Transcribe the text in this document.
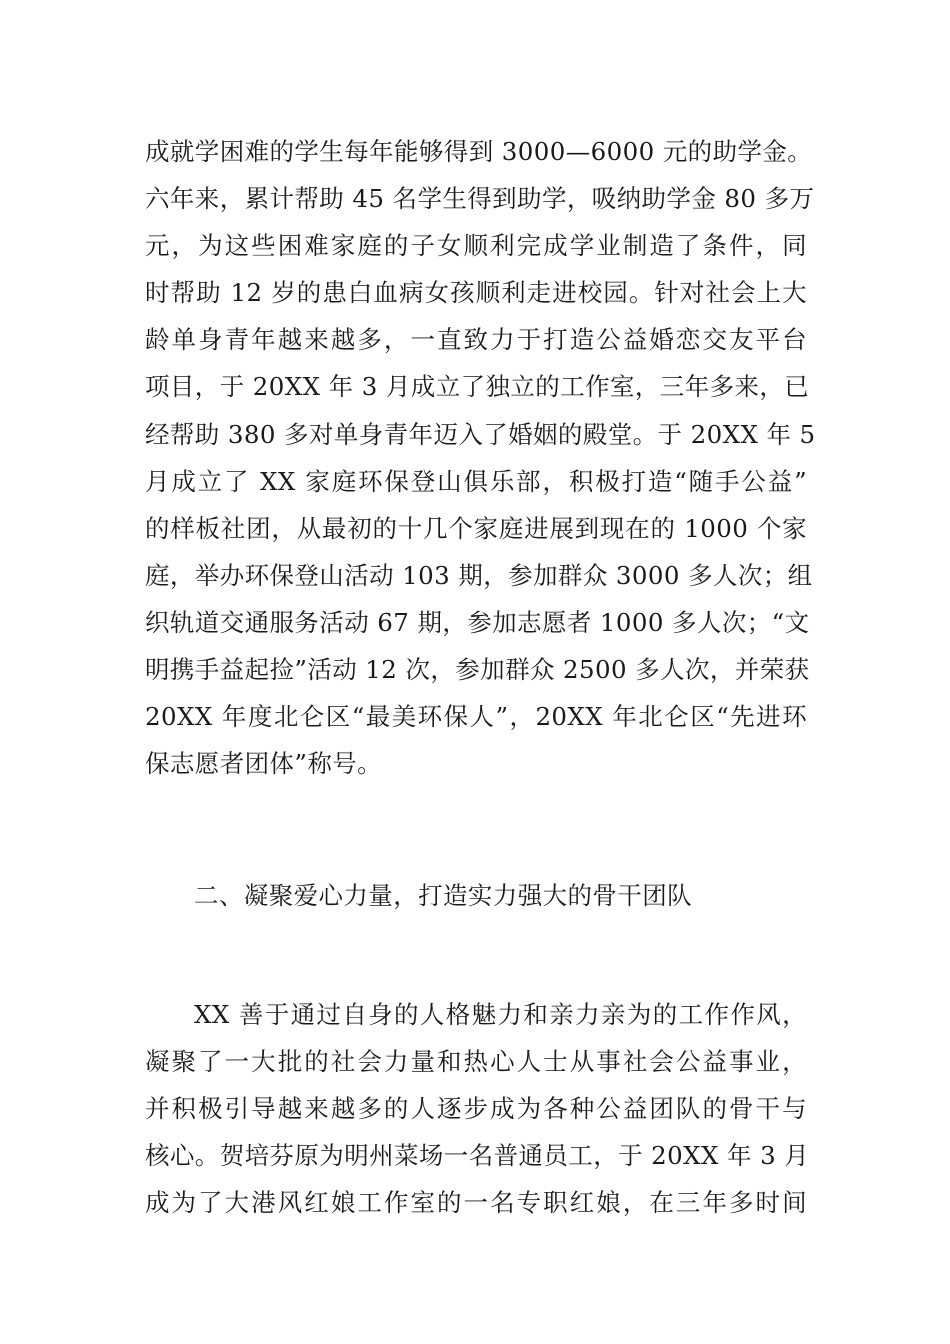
成就学困难的学生每年能够得到 3000—6000 元的助学金。
六年来，累计帮助 45 名学生得到助学，吸纳助学金 80 多万
元，为这些困难家庭的子女顺利完成学业制造了条件，同
时帮助 12 岁的患白血病女孩顺利走进校园。针对社会上大
龄单身青年越来越多，一直致力于打造公益婚恋交友平台
项目，于 20XX 年 3 月成立了独立的工作室，三年多来，已
经帮助 380 多对单身青年迈入了婚姻的殿堂。于 20XX 年 5
月成立了 XX 家庭环保登山俱乐部，积极打造“随手公益”
的样板社团，从最初的十几个家庭进展到现在的 1000 个家
庭，举办环保登山活动 103 期，参加群众 3000 多人次；组
织轨道交通服务活动 67 期，参加志愿者 1000 多人次；“文
明携手益起捡”活动 12 次，参加群众 2500 多人次，并荣获
20XX 年度北仑区“最美环保人”，20XX 年北仑区“先进环
保志愿者团体”称号。
二、凝聚爱心力量，打造实力强大的骨干团队
XX 善于通过自身的人格魅力和亲力亲为的工作作风，
凝聚了一大批的社会力量和热心人士从事社会公益事业，
并积极引导越来越多的人逐步成为各种公益团队的骨干与
核心。贺培芬原为明州菜场一名普通员工，于 20XX 年 3 月
成为了大港风红娘工作室的一名专职红娘，在三年多时间
